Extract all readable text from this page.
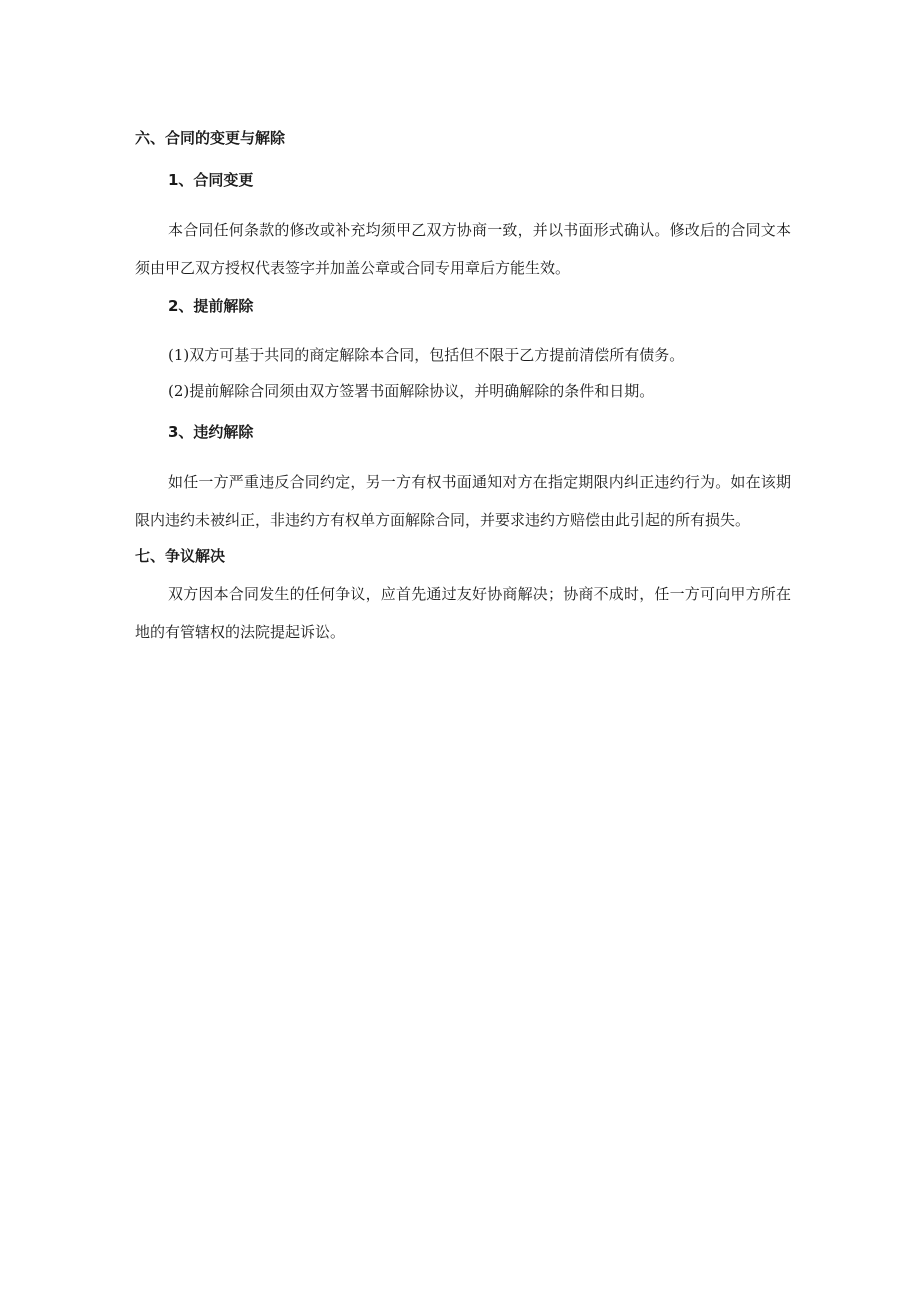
六、合同的变更与解除
1、合同变更

本合同任何条款的修改或补充均须甲乙双方协商一致，并以书面形式确认。修改后的合同文本须由甲乙双方授权代表签字并加盖公章或合同专用章后方能生效。

2、提前解除
(1)双方可基于共同的商定解除本合同，包括但不限于乙方提前清偿所有债务。
(2)提前解除合同须由双方签署书面解除协议，并明确解除的条件和日期。
3、违约解除

如任一方严重违反合同约定，另一方有权书面通知对方在指定期限内纠正违约行为。如在该期限内违约未被纠正，非违约方有权单方面解除合同，并要求违约方赔偿由此引起的所有损失。

七、争议解决

双方因本合同发生的任何争议，应首先通过友好协商解决；协商不成时，任一方可向甲方所在地的有管辖权的法院提起诉讼。
